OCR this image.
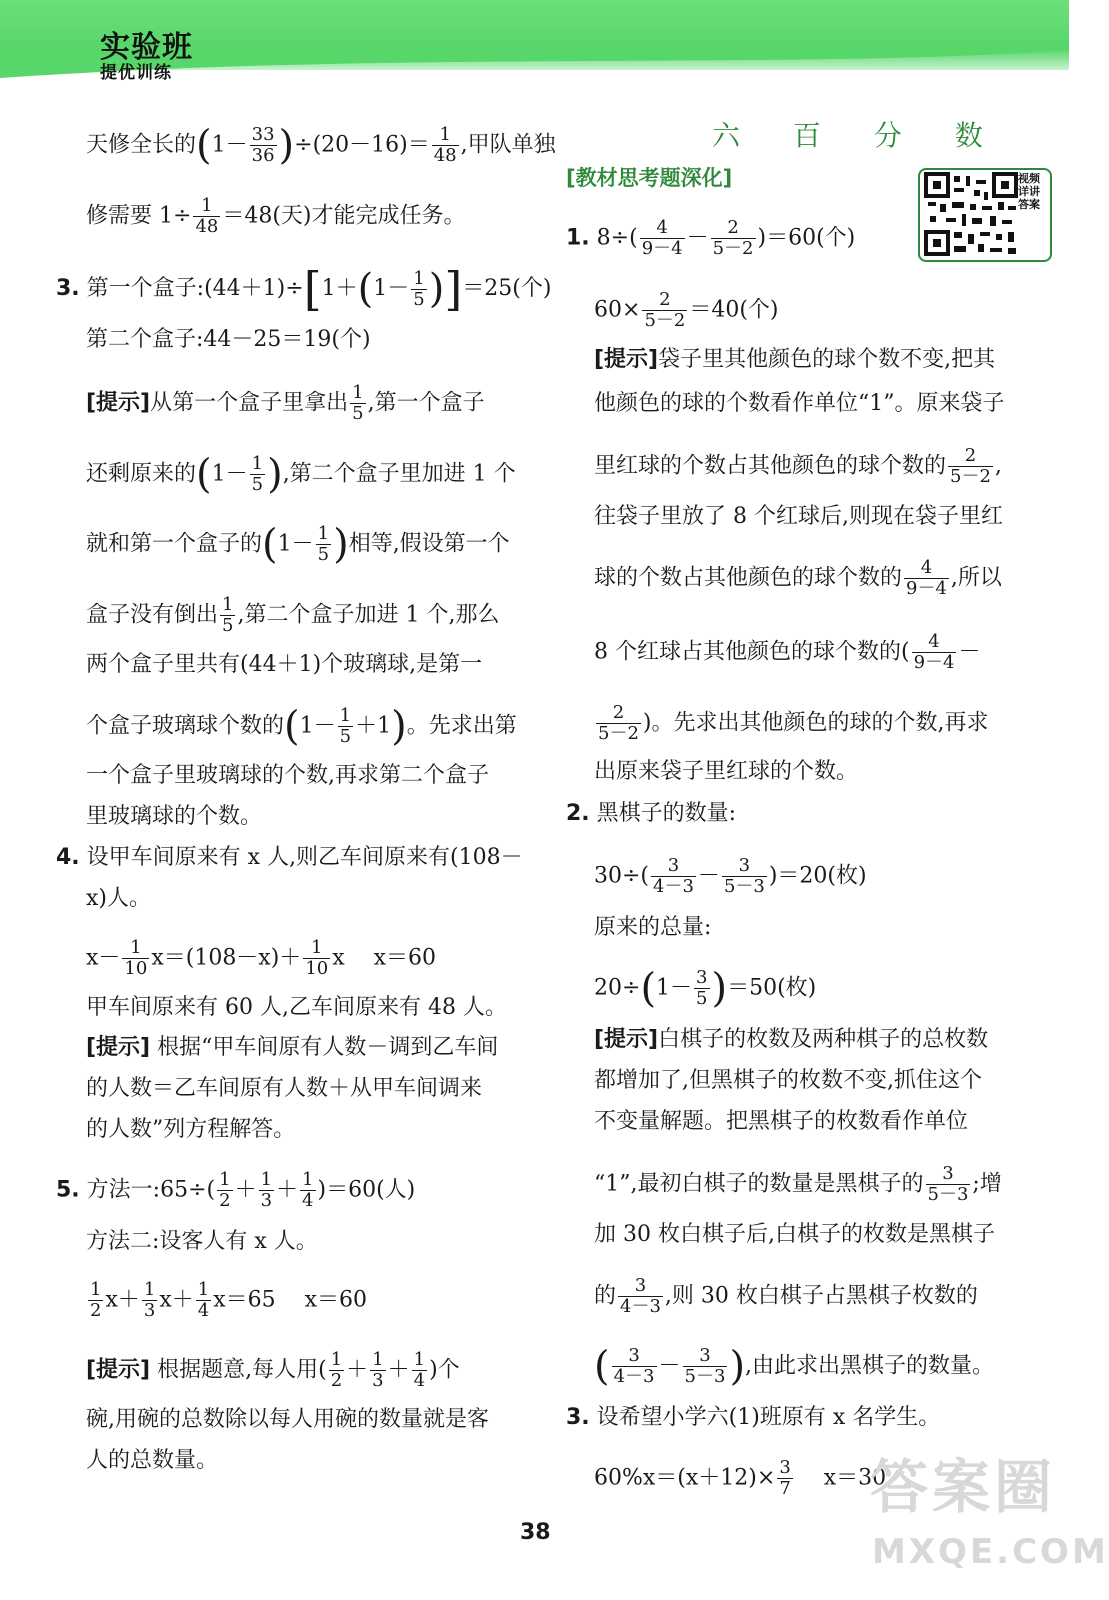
实验班
提优训练
天修全长的$(1- \frac{33}{36} )\div(20-16)= \frac{1}{48}$ ,甲队单独
修需要 $1\div \frac{1}{48} =48$(天)才能完成任务。
3. 第一个盒子:(44＋1)÷[1＋(1－ $\frac{1}{5} )]=25$(个)
第二个盒子:44－25＝19(个)
[提示]从第一个盒子里拿出 $\frac{1}{5}$ ,第一个盒子
还剩原来的($1- \frac{1}{5}$ ),第二个盒子里加进 1 个
就和第一个盒子的($1- \frac{1}{5}$ )相等,假设第一个
盒子没有倒出 $\frac{1}{5}$ ,第二个盒子加进 1 个,那么
两个盒子里共有(44＋1)个玻璃球,是第一
个盒子玻璃球个数的$(1- \frac{1}{5} +1)$。先求出第
一个盒子里玻璃球的个数,再求第二个盒子
里玻璃球的个数。
4. 设甲车间原来有 x 人,则乙车间原来有(108－
x)人。
$x- \frac{1}{10} x=(108-x)+ \frac{1}{10}$ x　 x＝60
甲车间原来有 60 人,乙车间原来有 48 人。
[提示] 根据“甲车间原有人数－调到乙车间
的人数＝乙车间原有人数＋从甲车间调来
的人数”列方程解答。
5. 方法一:65÷( $\frac{1}{2} + \frac{1}{3} + \frac{1}{4} )=60$(人)
方法二:设客人有 x 人。
$\frac{1}{2} x+ \frac{1}{3} x+ \frac{1}{4} x=65$　 x＝60
[提示] 根据题意,每人用( $\frac{1}{2} + \frac{1}{3} + \frac{1}{4}$ )个
碗,用碗的总数除以每人用碗的数量就是客
人的总数量。
六 百 分 数
[教材思考题深化]	视频详讲答案
1. $8\div( \frac{4}{9-4} - \frac{2}{5-2} )=60$(个)
$60\times \frac{2}{5-2} =40$(个)
[提示]袋子里其他颜色的球个数不变,把其
他颜色的球的个数看作单位“1”。原来袋子
里红球的个数占其他颜色的球个数的 $\frac{2}{5-2}$ ,
往袋子里放了 8 个红球后,则现在袋子里红
球的个数占其他颜色的球个数的 $\frac{4}{9-4}$ ,所以
8 个红球占其他颜色的球个数的( $\frac{4}{9-4}$ －
$\frac{2}{5-2}$ )。先求出其他颜色的球的个数,再求
出原来袋子里红球的个数。
2. 黑棋子的数量:
$30\div( \frac{3}{4-3} - \frac{3}{5-3} )=20$(枚)
原来的总量:
$20\div(1- \frac{3}{5} )=50$(枚)
[提示]白棋子的枚数及两种棋子的总枚数
都增加了,但黑棋子的枚数不变,抓住这个
不变量解题。把黑棋子的枚数看作单位
“1”,最初白棋子的数量是黑棋子的 $\frac{3}{5-3}$ ;增
加 30 枚白棋子后,白棋子的枚数是黑棋子
的 $\frac{3}{4-3}$ ,则 30 枚白棋子占黑棋子枚数的
( $\frac{3}{4-3} - \frac{3}{5-3}$ ),由此求出黑棋子的数量。
3. 设希望小学六(1)班原有 x 名学生。
$60\%x=(x+12)\times \frac{3}{7}$ 　 x＝30
答案圈
MXQE.COM
38
